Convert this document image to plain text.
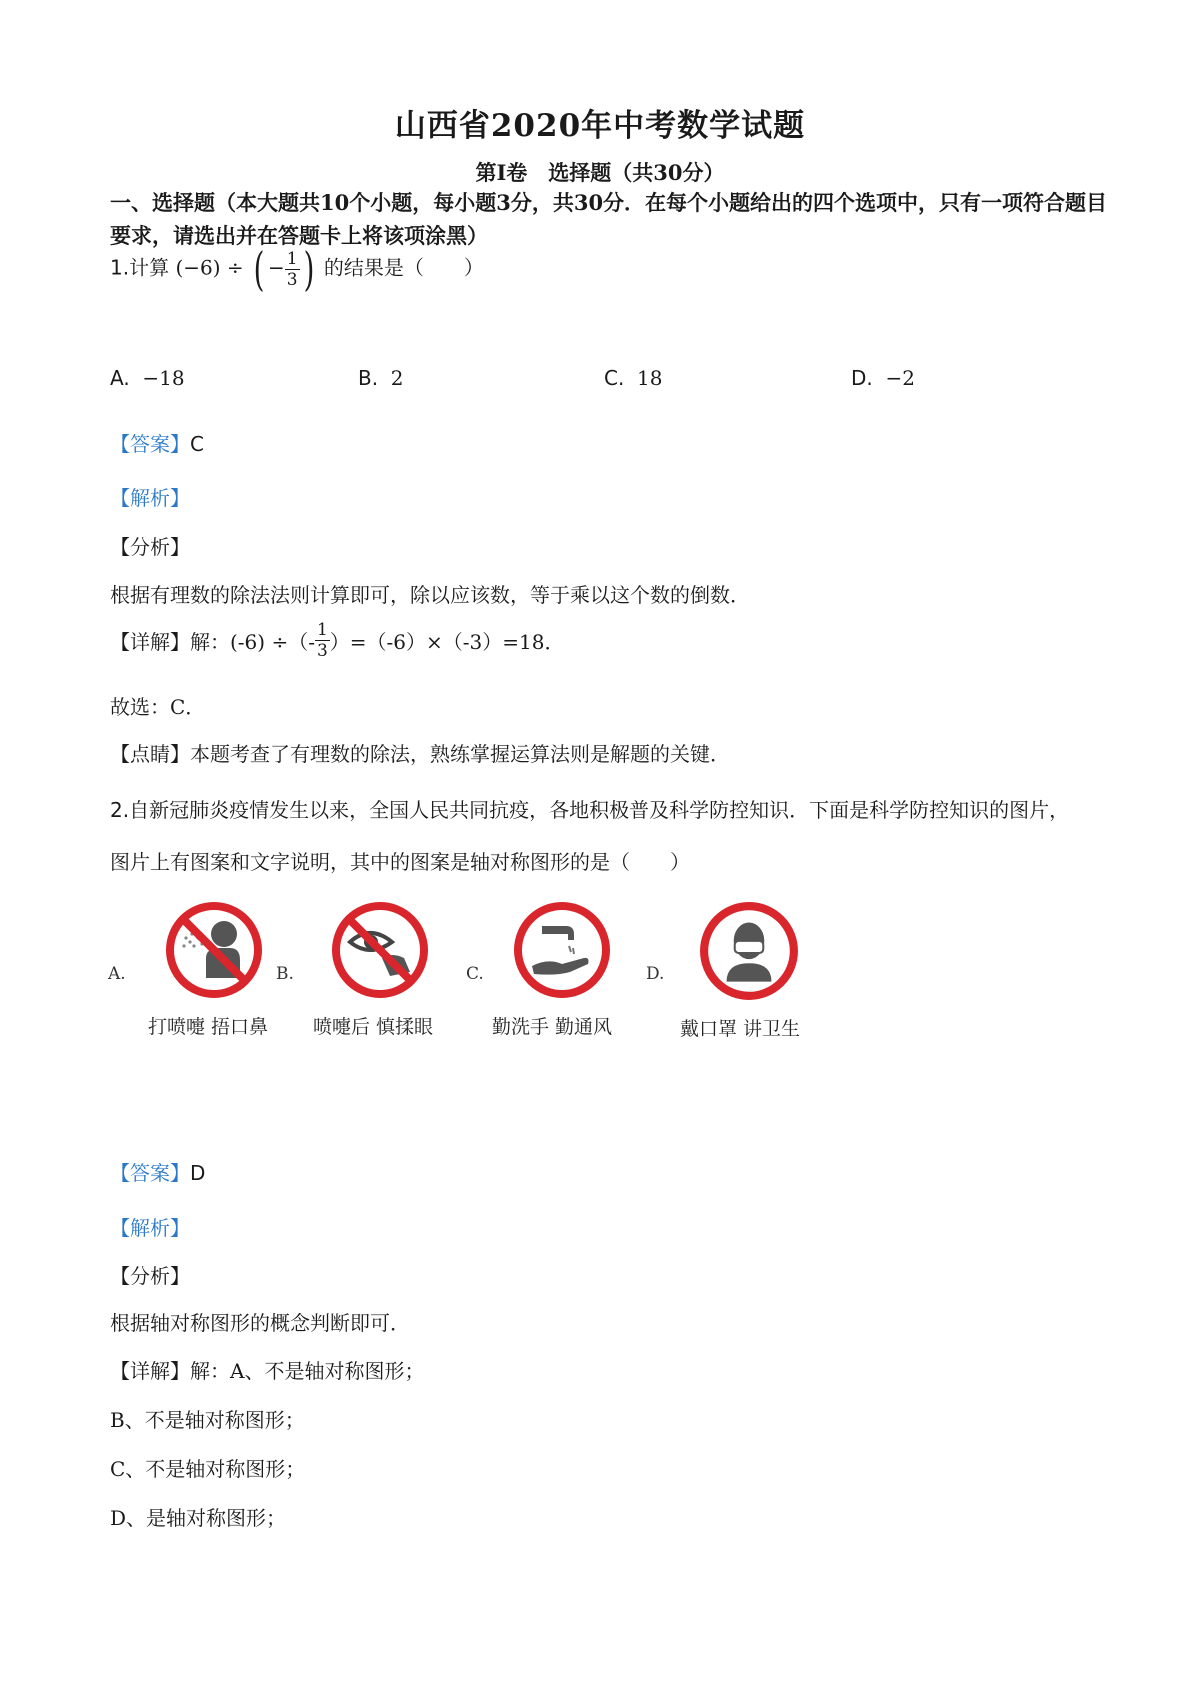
山西省2020年中考数学试题
第I卷　选择题（共30分）
一、选择题（本大题共10个小题，每小题3分，共30分．在每个小题给出的四个选项中，只有一项符合题目要求，请选出并在答题卡上将该项涂黑）
1.计算 (−6) ÷ ( − $\frac{1}{3}$ ) 的结果是（　　）
A. −18	B. 2	C. 18	D. −2
【答案】C
【解析】
【分析】
根据有理数的除法法则计算即可，除以应该数，等于乘以这个数的倒数．
【详解】解：(-6) ÷（- $\frac{1}{3} )=(-6)\times(-3)=18$．
故选：C．
【点睛】本题考查了有理数的除法，熟练掌握运算法则是解题的关键．
2.自新冠肺炎疫情发生以来，全国人民共同抗疫，各地积极普及科学防控知识．下面是科学防控知识的图片，
图片上有图案和文字说明，其中的图案是轴对称图形的是（　　）
A.
打喷嚏 捂口鼻
B.
喷嚏后 慎揉眼
C.
勤洗手 勤通风
D.
戴口罩 讲卫生
【答案】D
【解析】
【分析】
根据轴对称图形的概念判断即可．
【详解】解：A、不是轴对称图形；
B、不是轴对称图形；
C、不是轴对称图形；
D、是轴对称图形；
